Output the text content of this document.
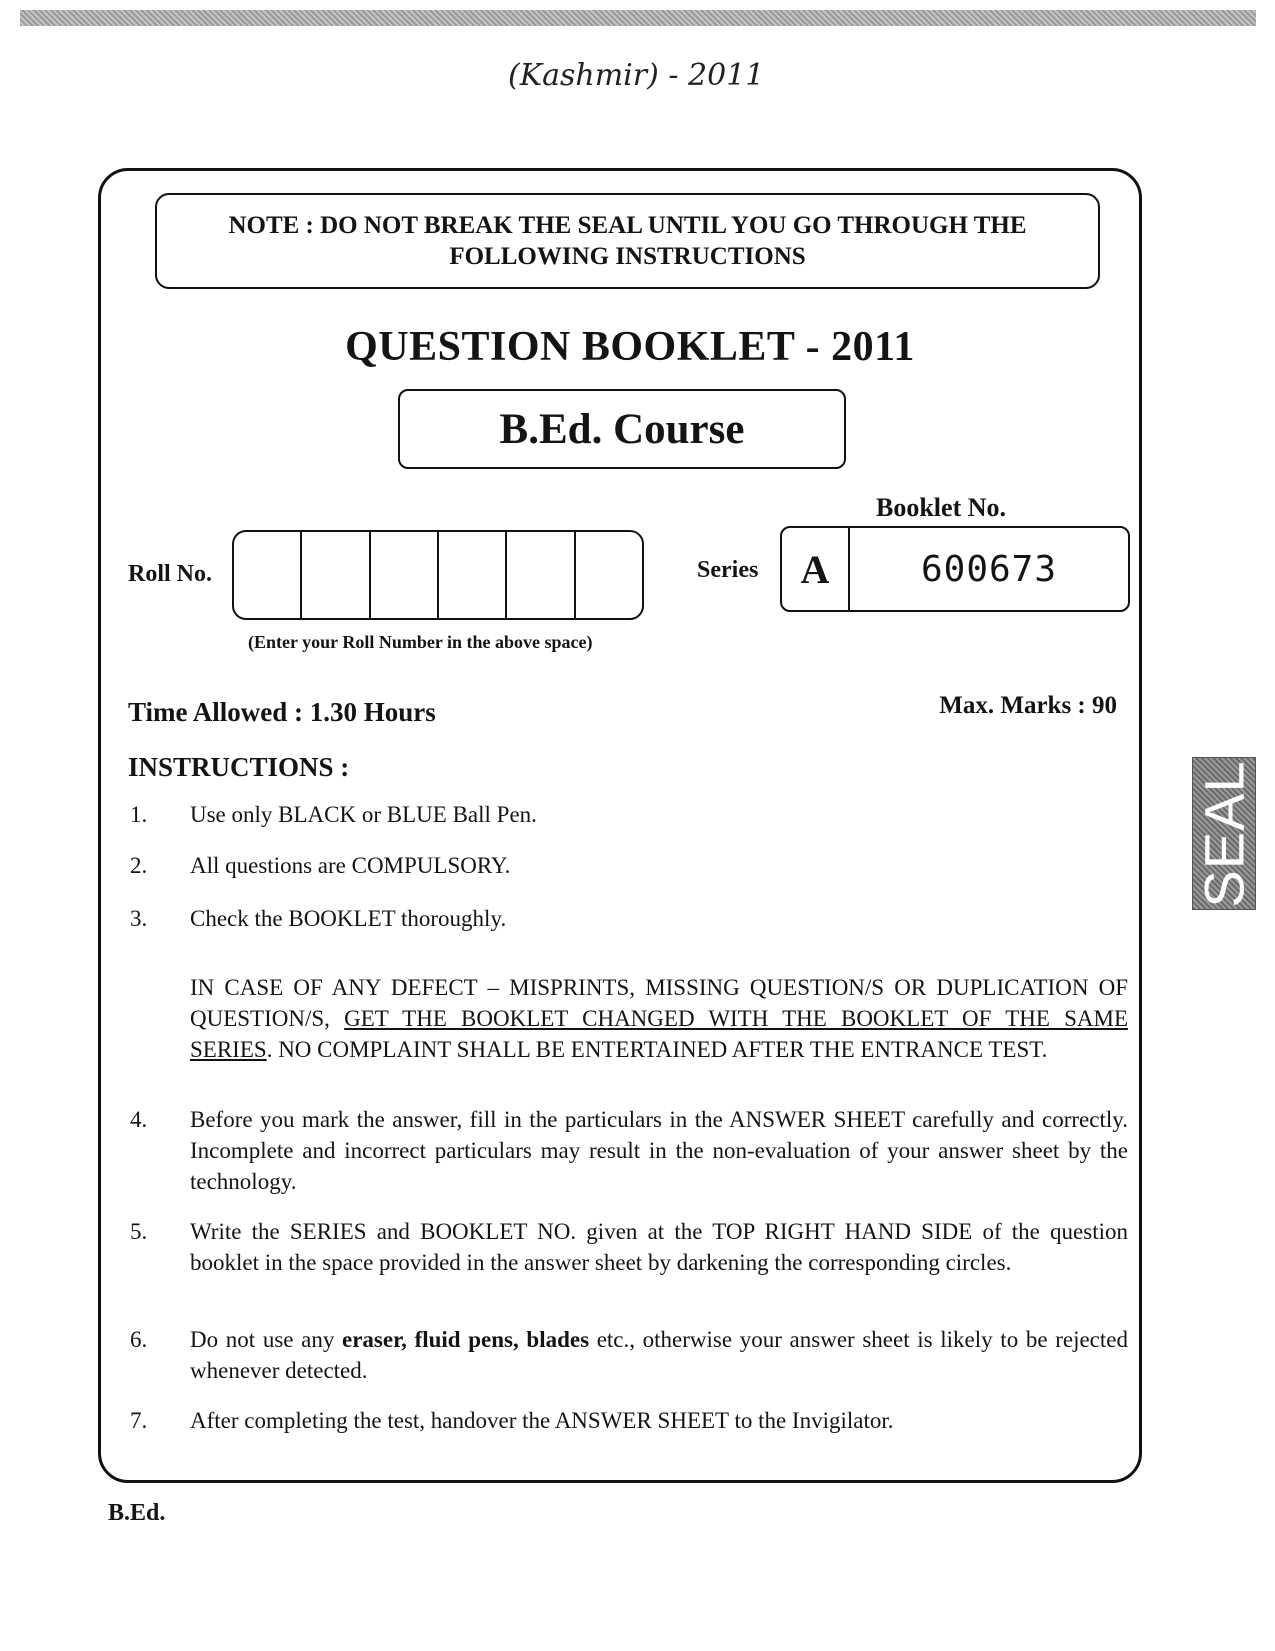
(Kashmir) - 2011
NOTE : DO NOT BREAK THE SEAL UNTIL YOU GO THROUGH THE
FOLLOWING INSTRUCTIONS
QUESTION BOOKLET - 2011
B.Ed. Course
Booklet No.
Roll No.
(Enter your Roll Number in the above space)
Series	A	600673
Time Allowed : 1.30 Hours	Max. Marks : 90
INSTRUCTIONS :
1. Use only BLACK or BLUE Ball Pen.
2. All questions are COMPULSORY.
3. Check the BOOKLET thoroughly.
IN CASE OF ANY DEFECT – MISPRINTS, MISSING QUESTION/S OR DUPLICATION OF QUESTION/S, GET THE BOOKLET CHANGED WITH THE BOOKLET OF THE SAME SERIES. NO COMPLAINT SHALL BE ENTERTAINED AFTER THE ENTRANCE TEST.
4. Before you mark the answer, fill in the particulars in the ANSWER SHEET carefully and correctly. Incomplete and incorrect particulars may result in the non-evaluation of your answer sheet by the technology.
5. Write the SERIES and BOOKLET NO. given at the TOP RIGHT HAND SIDE of the question booklet in the space provided in the answer sheet by darkening the corresponding circles.
6. Do not use any eraser, fluid pens, blades etc., otherwise your answer sheet is likely to be rejected whenever detected.
7. After completing the test, handover the ANSWER SHEET to the Invigilator.
B.Ed.
SEAL
